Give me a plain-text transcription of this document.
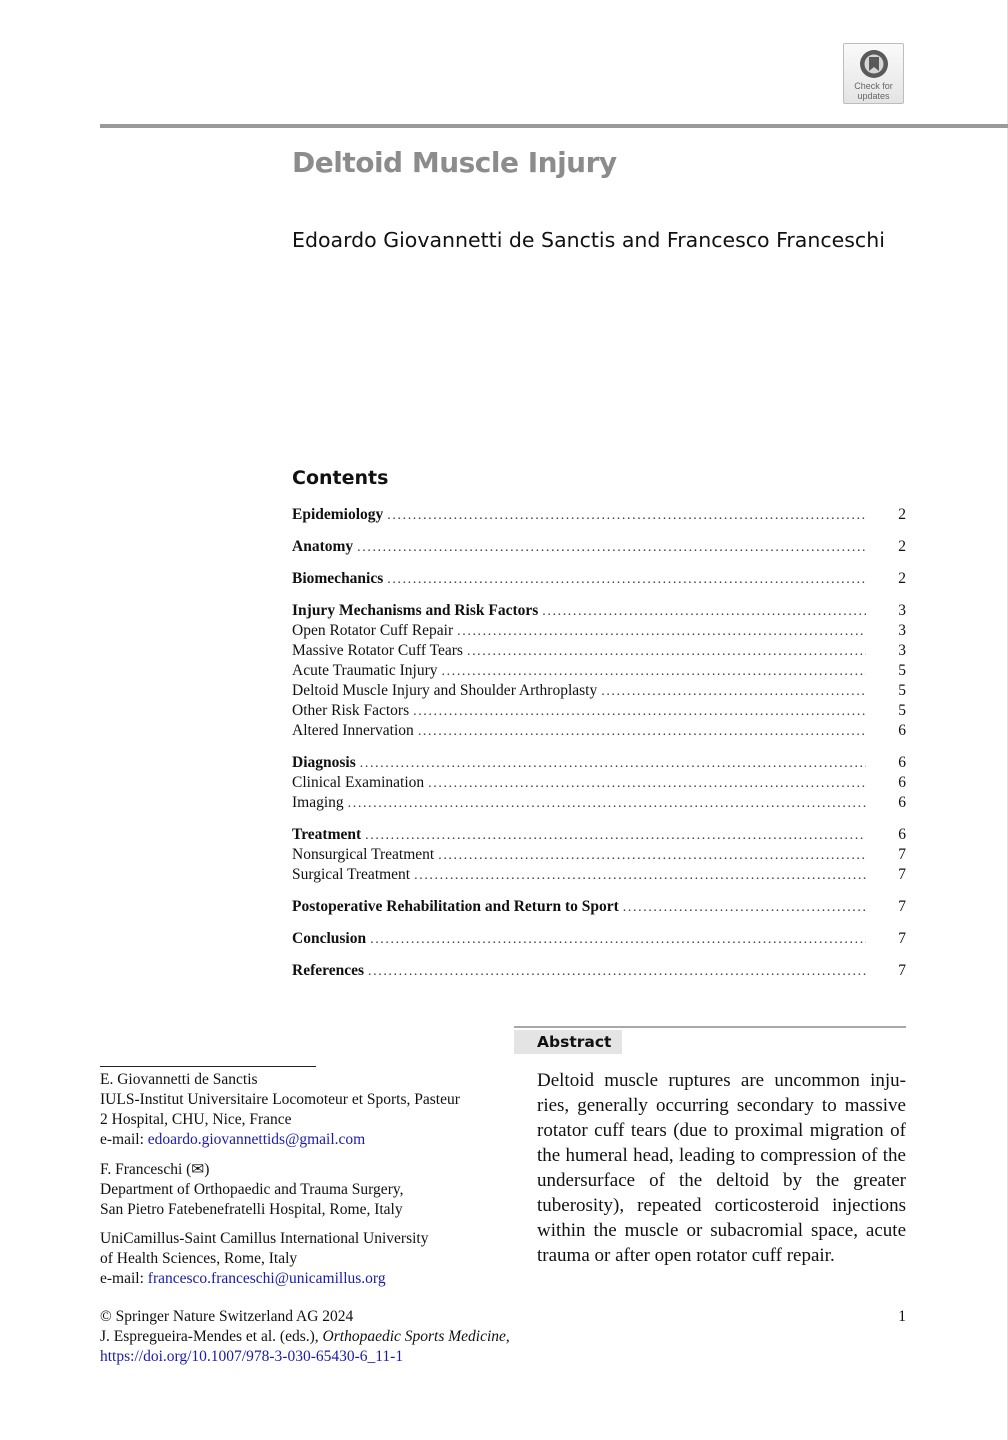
Check for
updates
Deltoid Muscle Injury

Edoardo Giovannetti de Sanctis and Francesco Franceschi

Contents
Epidemiology .....	2
Anatomy .....	2
Biomechanics .....	2
Injury Mechanisms and Risk Factors .....	3
Open Rotator Cuff Repair .....	3
Massive Rotator Cuff Tears .....	3
Acute Traumatic Injury .....	5
Deltoid Muscle Injury and Shoulder Arthroplasty .....	5
Other Risk Factors .....	5
Altered Innervation .....	6
Diagnosis .....	6
Clinical Examination .....	6
Imaging .....	6
Treatment .....	6
Nonsurgical Treatment .....	7
Surgical Treatment .....	7
Postoperative Rehabilitation and Return to Sport .....	7
Conclusion .....	7
References .....	7
Abstract

Deltoid muscle ruptures are uncommon inju-ries, generally occurring secondary to massive rotator cuff tears (due to proximal migration of the humeral head, leading to compression of the undersurface of the deltoid by the greater tuberosity), repeated corticosteroid injections within the muscle or subacromial space, acute trauma or after open rotator cuff repair.

E. Giovannetti de Sanctis
IULS-Institut Universitaire Locomoteur et Sports, Pasteur
2 Hospital, CHU, Nice, France
e-mail: edoardo.giovannettids@gmail.com
F. Franceschi (✉)
Department of Orthopaedic and Trauma Surgery,
San Pietro Fatebenefratelli Hospital, Rome, Italy
UniCamillus-Saint Camillus International University
of Health Sciences, Rome, Italy
e-mail: francesco.franceschi@unicamillus.org
© Springer Nature Switzerland AG 2024
J. Espregueira-Mendes et al. (eds.), Orthopaedic Sports Medicine,
https://doi.org/10.1007/978-3-030-65430-6_11-1
1
